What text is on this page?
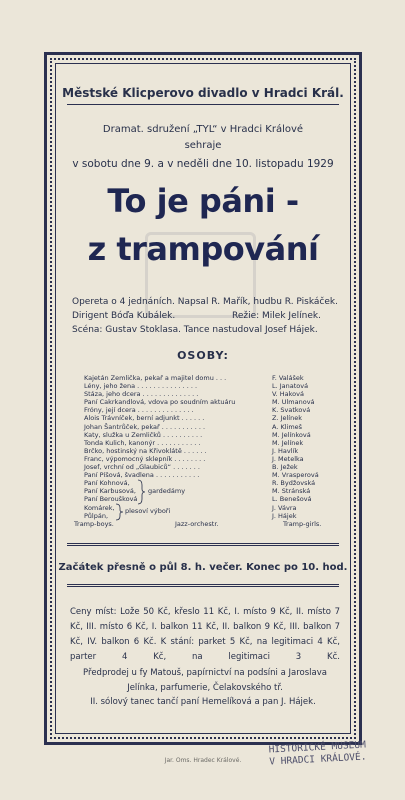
Městské Klicperovo divadlo v Hradci Král.
Dramat. sdružení „TYL“ v Hradci Králové
sehraje
v sobotu dne 9. a v neděli dne 10. listopadu 1929
To je páni -
z trampování
Opereta o 4 jednáních. Napsal R. Mařík, hudbu R. Piskáček.
Dirigent Bóďa Kubálek.	Režie: Milek Jelínek.
Scéna: Gustav Stoklasa. Tance nastudoval Josef Hájek.
OSOBY:
Kajetán Zemlička, pekař a majitel domu . . .	F. Valášek
Lény, jeho žena . . . . . . . . . . . . . . .	L. Janatová
Stáza, jeho dcera . . . . . . . . . . . . . .	V. Haková
Paní Cakrkandlová, vdova po soudním aktuáru	M. Ulmanová
Fróny, její dcera . . . . . . . . . . . . . .	K. Svatková
Alois Trávníček, berní adjunkt . . . . . .	Z. Jelínek
Johan Šantrůček, pekař . . . . . . . . . . .	A. Klimeš
Katy, služka u Zemličků . . . . . . . . . .	M. Jelínková
Tonda Kulich, kanonýr . . . . . . . . . . .	M. Jelínek
Brčko, hostinský na Křivoklátě . . . . . .	J. Havlík
Franc, výpomocný sklepník . . . . . . . .	J. Metelka
Josef, vrchní od „Glaubiců“ . . . . . . .	B. Ježek
Paní Píšová, švadlena . . . . . . . . . . .	M. Vrasperová
Paní Kohnová,	R. Bydžovská
Paní Karbusová,	M. Stránská
Paní Beroušková	L. Benešová
Komárek,	J. Vávra
Půlpán,	J. Hájek
gardedámy
plesoví výboři
Tramp-boys.	Jazz-orchestr.	Tramp-girls.
Začátek přesně o půl 8. h. večer. Konec po 10. hod.
Ceny míst: Lože 50 Kč, křeslo 11 Kč, I. místo 9 Kč, II. místo 7 Kč, III. místo 6 Kč, I. balkon 11 Kč, II. balkon 9 Kč, III. balkon 7 Kč, IV. balkon 6 Kč. K stání: parket 5 Kč, na legitimaci 4 Kč, parter 4 Kč, na legitimaci 3 Kč.
Předprodej u fy Matouš, papírnictví na podsíni a Jaroslava Jelínka, parfumerie, Čelakovského tř.
II. sólový tanec tančí paní Hemelíková a pan J. Hájek.
Jar. Oms. Hradec Králové.
HISTORICKÉ MUSEUM
V HRADCI KRÁLOVÉ.
